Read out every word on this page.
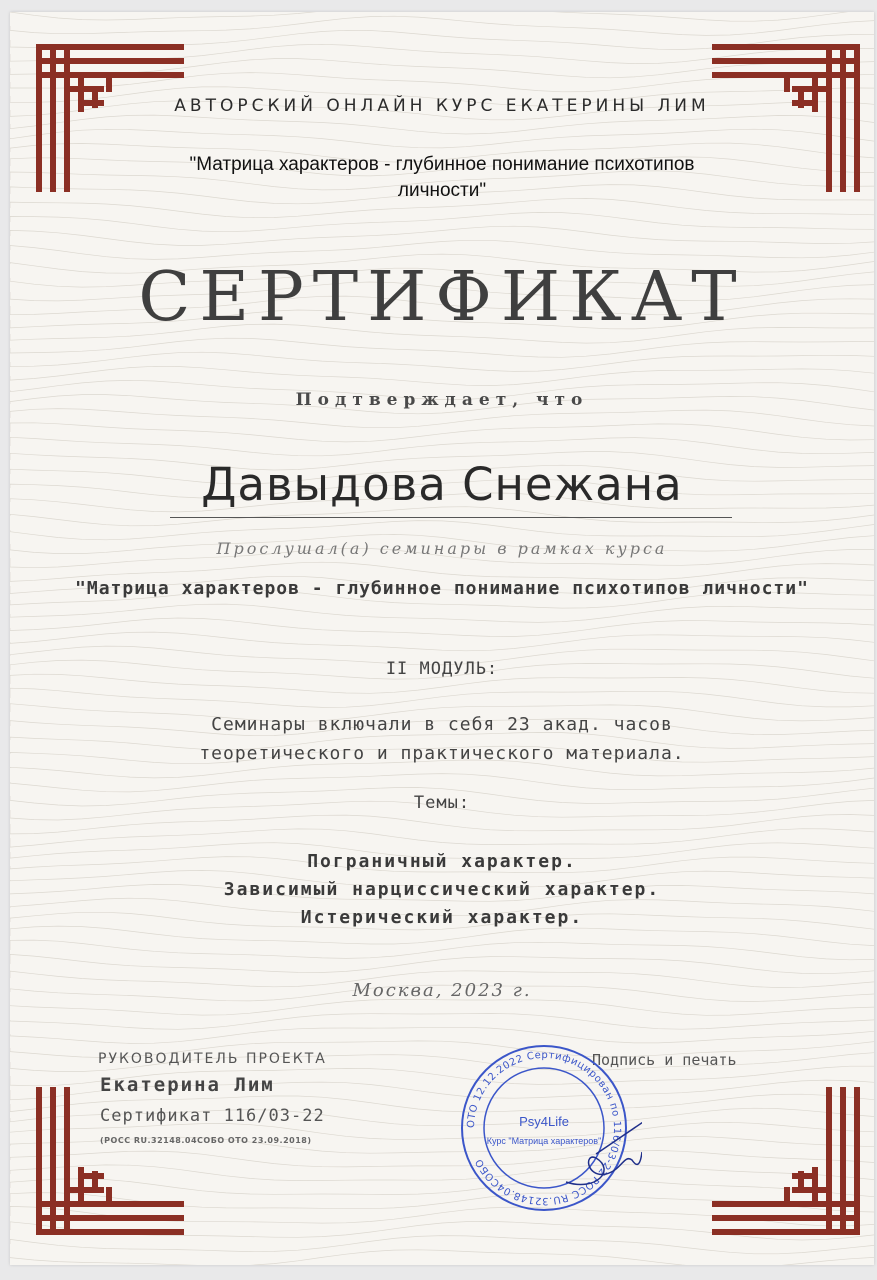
АВТОРСКИЙ ОНЛАЙН КУРС ЕКАТЕРИНЫ ЛИМ
"Матрица характеров - глубинное понимание психотипов личности"
СЕРТИФИКАТ
Подтверждает, что
Давыдова Снежана
Прослушал(а) семинары в рамках курса
"Матрица характеров - глубинное понимание психотипов личности"
II МОДУЛЬ:
Семинары включали в себя 23 акад. часов теоретического и практического материала.
Темы:
Пограничный характер.
Зависимый нарциссический характер.
Истерический характер.
Москва, 2023 г.
РУКОВОДИТЕЛЬ ПРОЕКТА
Екатерина Лим
Сертификат 116/03-22
(РОСС RU.32148.04СОБО ОТО 23.09.2018)
Подпись и печать
ОТО 12.12.2022 Сертифицирован по 116/03-22 РОСС RU.32148.04СОБО
Psy4Life
Курс "Матрица характеров"
